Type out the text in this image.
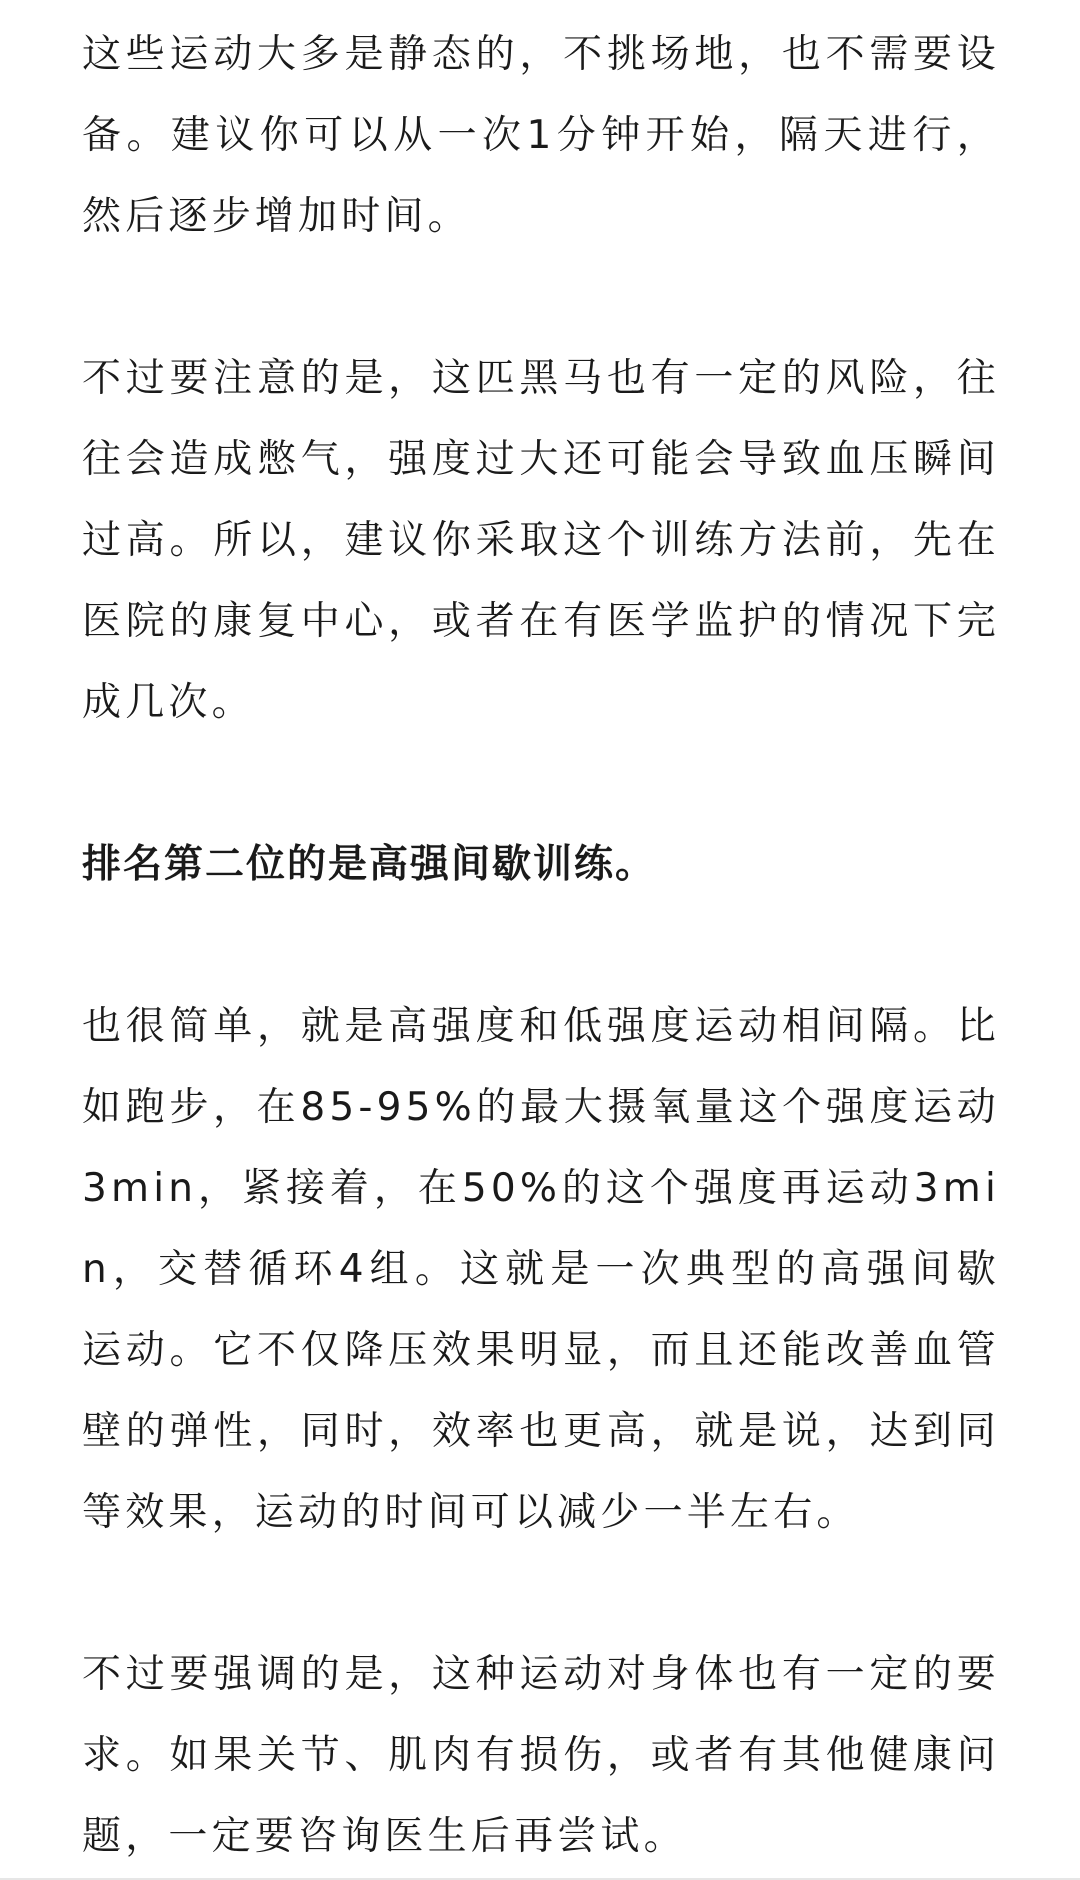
这些运动大多是静态的，不挑场地，也不需要设备。建议你可以从一次1分钟开始，隔天进行，然后逐步增加时间。

不过要注意的是，这匹黑马也有一定的风险，往往会造成憋气，强度过大还可能会导致血压瞬间过高。所以，建议你采取这个训练方法前，先在医院的康复中心，或者在有医学监护的情况下完成几次。

排名第二位的是高强间歇训练。

也很简单，就是高强度和低强度运动相间隔。比如跑步，在85-95%的最大摄氧量这个强度运动3min，紧接着，在50%的这个强度再运动3min，交替循环4组。这就是一次典型的高强间歇运动。它不仅降压效果明显，而且还能改善血管壁的弹性，同时，效率也更高，就是说，达到同等效果，运动的时间可以减少一半左右。

不过要强调的是，这种运动对身体也有一定的要求。如果关节、肌肉有损伤，或者有其他健康问题，一定要咨询医生后再尝试。
